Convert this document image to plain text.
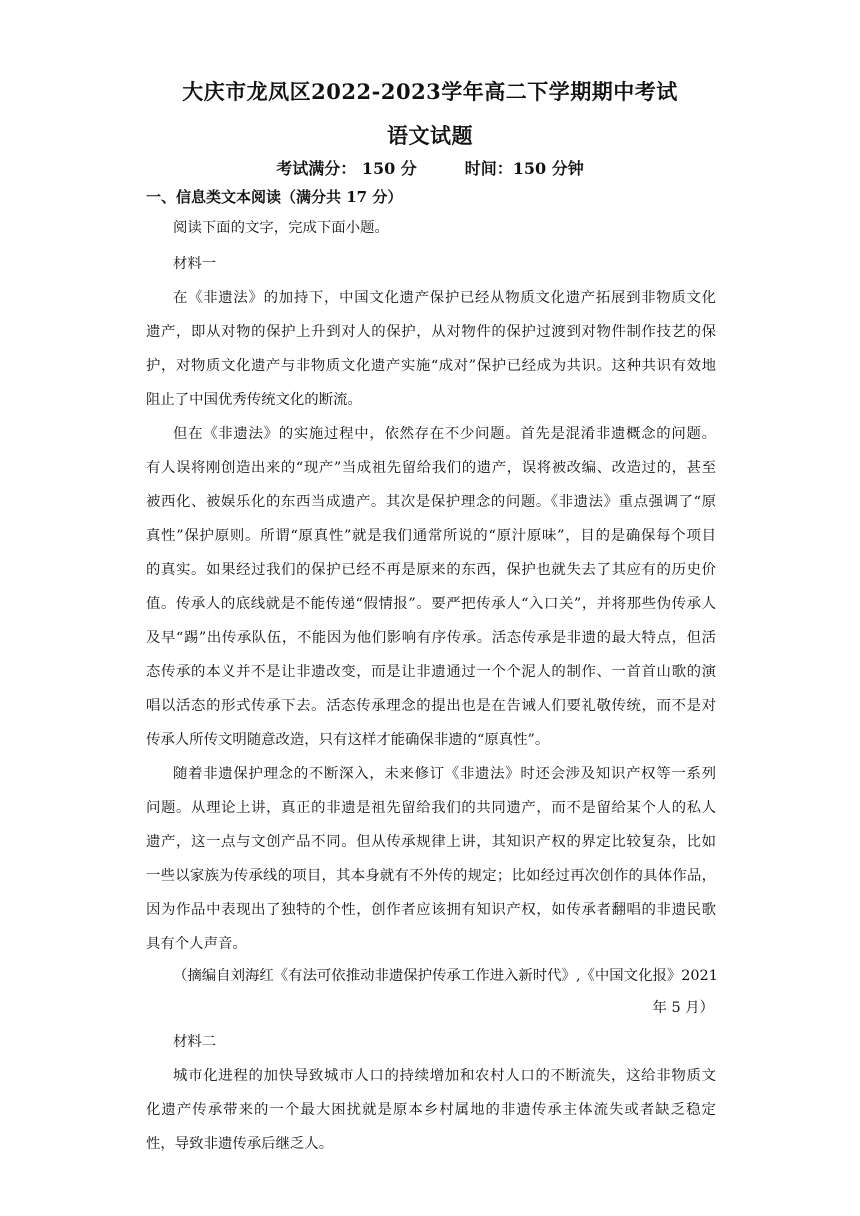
大庆市龙凤区2022-2023学年高二下学期期中考试
语文试题
考试满分： 150 分	时间：150 分钟
一、信息类文本阅读（满分共 17 分）
阅读下面的文字，完成下面小题。
材料一
在《非遗法》的加持下，中国文化遗产保护已经从物质文化遗产拓展到非物质文化
遗产，即从对物的保护上升到对人的保护，从对物件的保护过渡到对物件制作技艺的保
护，对物质文化遗产与非物质文化遗产实施“成对”保护已经成为共识。这种共识有效地
阻止了中国优秀传统文化的断流。
但在《非遗法》的实施过程中，依然存在不少问题。首先是混淆非遗概念的问题。
有人误将刚创造出来的“现产”当成祖先留给我们的遗产，误将被改编、改造过的，甚至
被西化、被娱乐化的东西当成遗产。其次是保护理念的问题。《非遗法》重点强调了“原
真性”保护原则。所谓“原真性”就是我们通常所说的“原汁原味”，目的是确保每个项目
的真实。如果经过我们的保护已经不再是原来的东西，保护也就失去了其应有的历史价
值。传承人的底线就是不能传递“假情报”。要严把传承人“入口关”，并将那些伪传承人
及早“踢”出传承队伍，不能因为他们影响有序传承。活态传承是非遗的最大特点，但活
态传承的本义并不是让非遗改变，而是让非遗通过一个个泥人的制作、一首首山歌的演
唱以活态的形式传承下去。活态传承理念的提出也是在告诫人们要礼敬传统，而不是对
传承人所传文明随意改造，只有这样才能确保非遗的“原真性”。
随着非遗保护理念的不断深入，未来修订《非遗法》时还会涉及知识产权等一系列
问题。从理论上讲，真正的非遗是祖先留给我们的共同遗产，而不是留给某个人的私人
遗产，这一点与文创产品不同。但从传承规律上讲，其知识产权的界定比较复杂，比如
一些以家族为传承线的项目，其本身就有不外传的规定；比如经过再次创作的具体作品，
因为作品中表现出了独特的个性，创作者应该拥有知识产权，如传承者翻唱的非遗民歌
具有个人声音。
（摘编自刘海红《有法可依推动非遗保护传承工作进入新时代》,《中国文化报》2021
年 5 月）
材料二
城市化进程的加快导致城市人口的持续增加和农村人口的不断流失，这给非物质文
化遗产传承带来的一个最大困扰就是原本乡村属地的非遗传承主体流失或者缺乏稳定
性，导致非遗传承后继乏人。
